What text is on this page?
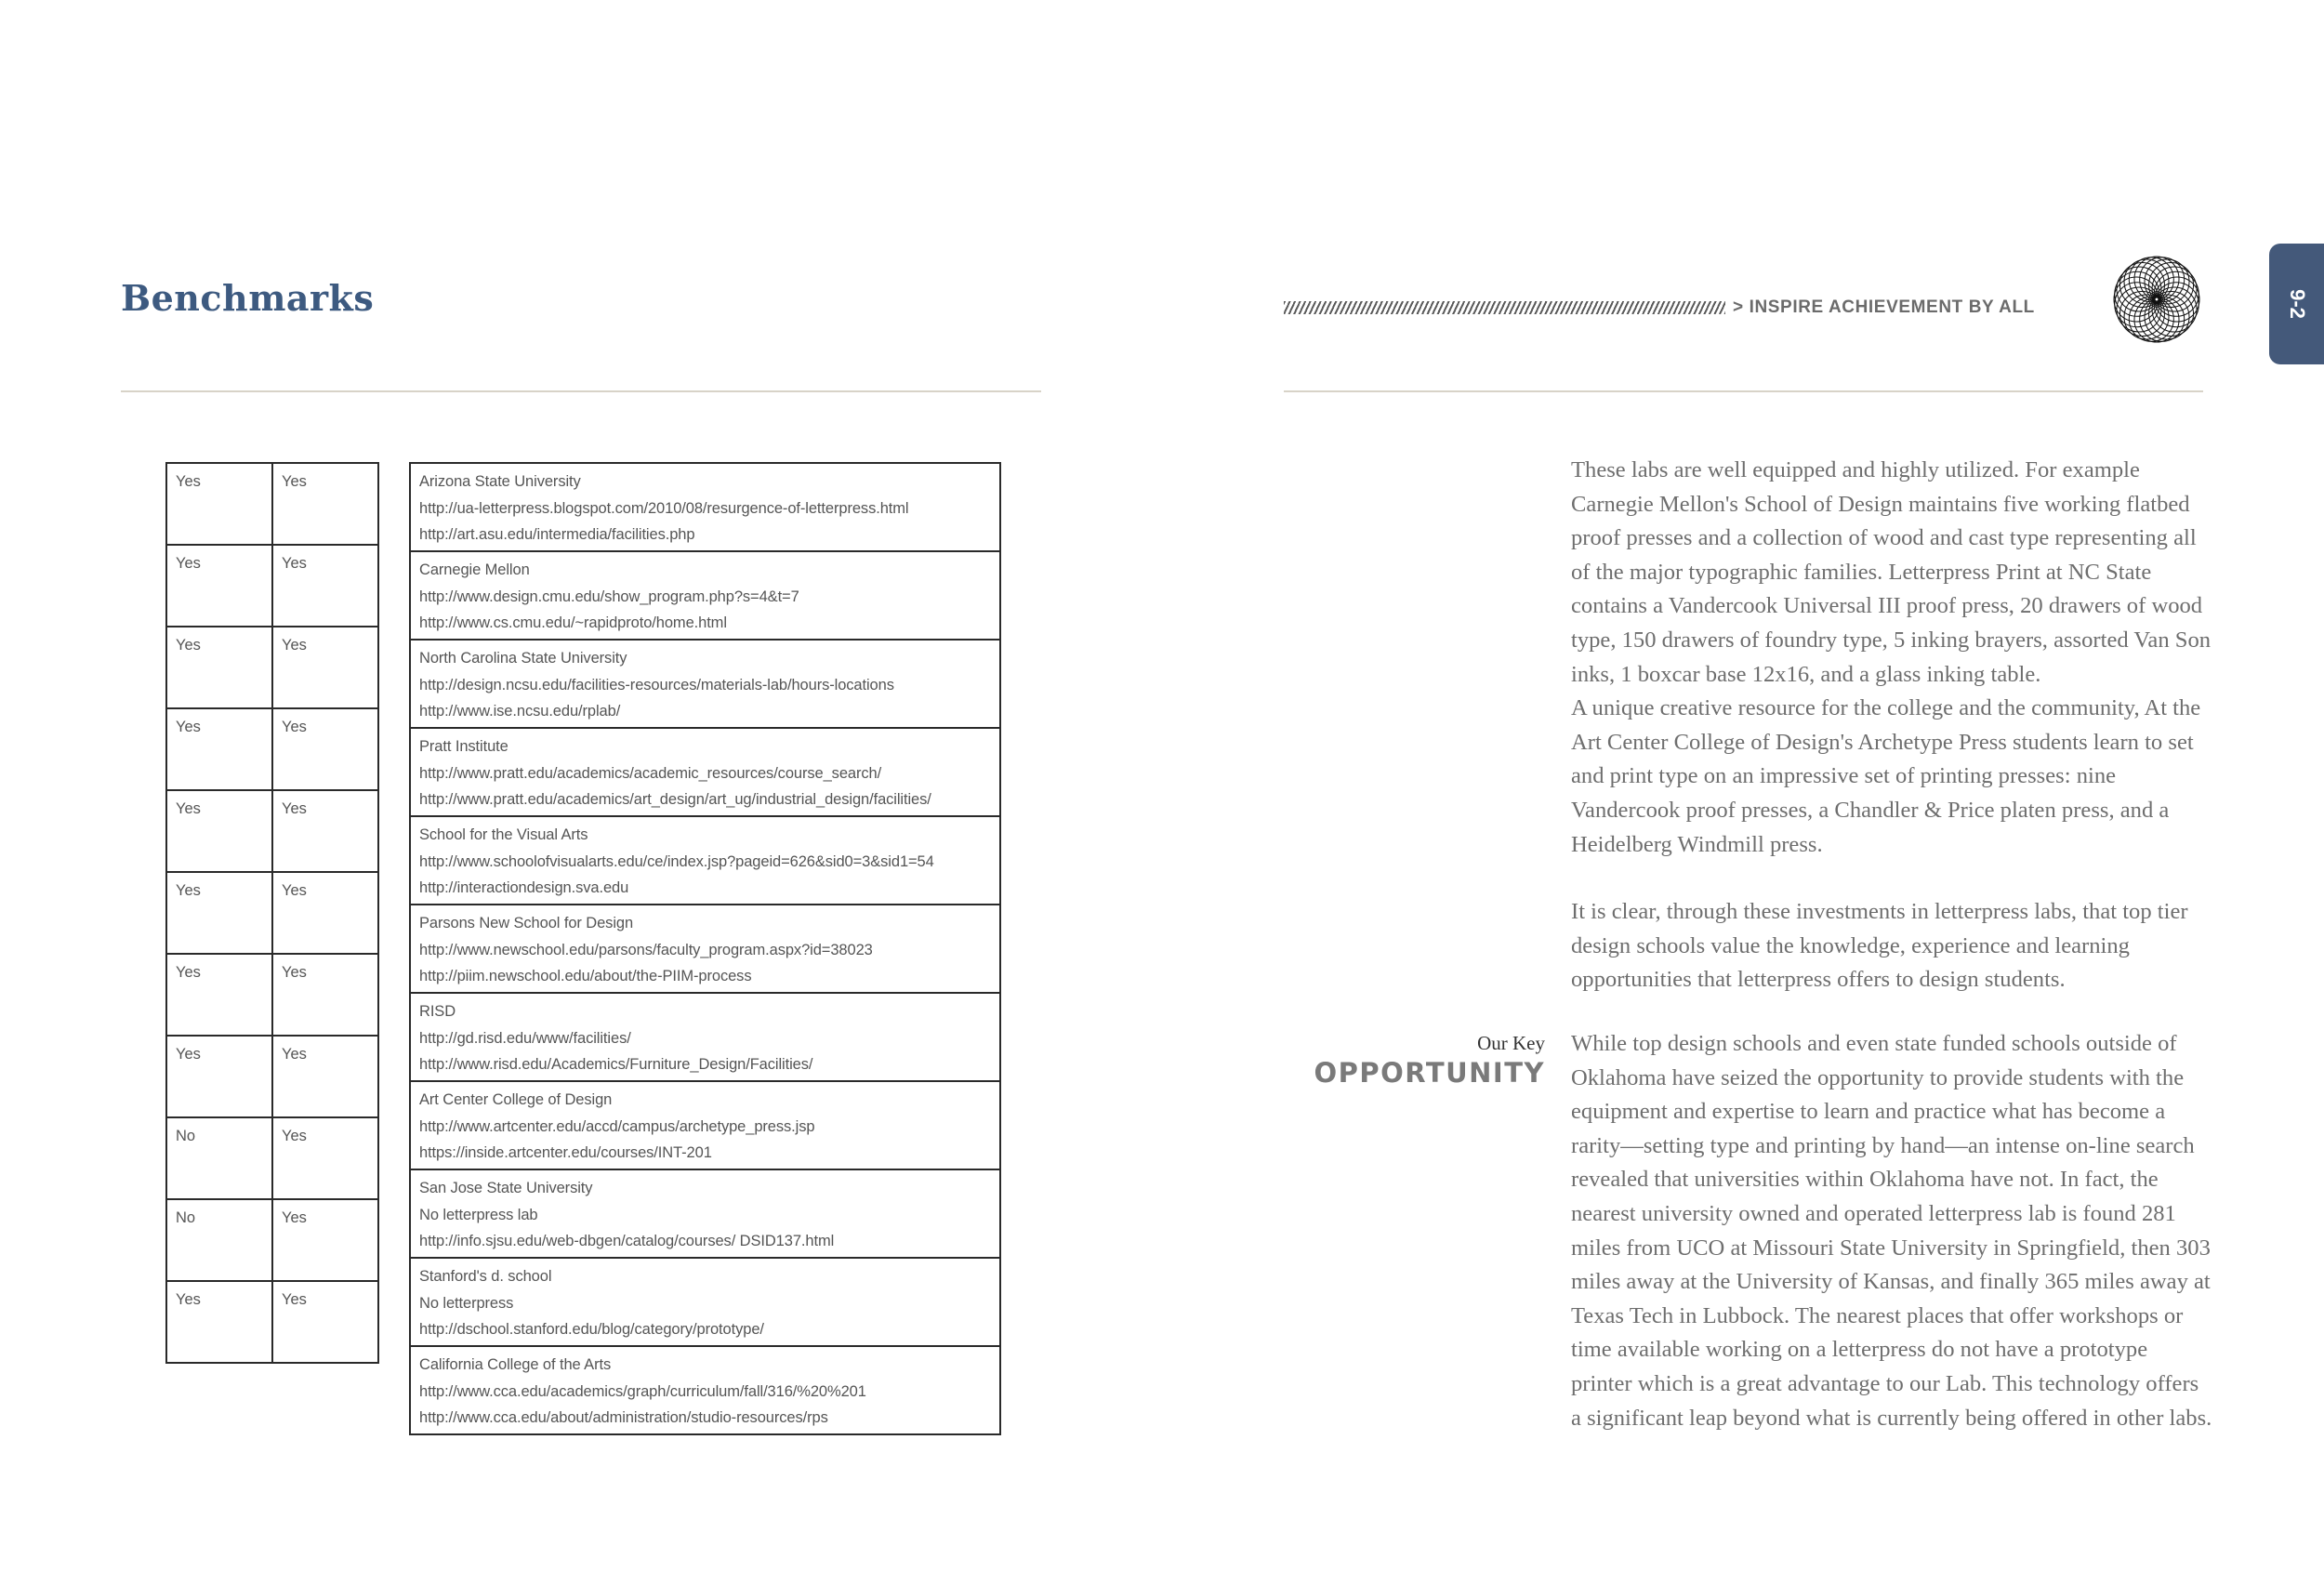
Benchmarks	> INSPIRE ACHIEVEMENT BY ALL	9-2
Yes	Yes
Yes	Yes
Yes	Yes
Yes	Yes
Yes	Yes
Yes	Yes
Yes	Yes
Yes	Yes
No	Yes
No	Yes
Yes	Yes
Arizona State University
http://ua-letterpress.blogspot.com/2010/08/resurgence-of-letterpress.html
http://art.asu.edu/intermedia/facilities.php

Carnegie Mellon
http://www.design.cmu.edu/show_program.php?s=4&t=7
http://www.cs.cmu.edu/~rapidproto/home.html

North Carolina State University
http://design.ncsu.edu/facilities-resources/materials-lab/hours-locations
http://www.ise.ncsu.edu/rplab/

Pratt Institute
http://www.pratt.edu/academics/academic_resources/course_search/
http://www.pratt.edu/academics/art_design/art_ug/industrial_design/facilities/

School for the Visual Arts
http://www.schoolofvisualarts.edu/ce/index.jsp?pageid=626&sid0=3&sid1=54
http://interactiondesign.sva.edu

Parsons New School for Design
http://www.newschool.edu/parsons/faculty_program.aspx?id=38023
http://piim.newschool.edu/about/the-PIIM-process

RISD
http://gd.risd.edu/www/facilities/
http://www.risd.edu/Academics/Furniture_Design/Facilities/

Art Center College of Design
http://www.artcenter.edu/accd/campus/archetype_press.jsp
https://inside.artcenter.edu/courses/INT-201

San Jose State University
No letterpress lab
http://info.sjsu.edu/web-dbgen/catalog/courses/ DSID137.html

Stanford's d. school
No letterpress
http://dschool.stanford.edu/blog/category/prototype/

California College of the Arts
http://www.cca.edu/academics/graph/curriculum/fall/316/%20%201
http://www.cca.edu/about/administration/studio-resources/rps

These labs are well equipped and highly utilized. For example Carnegie Mellon's School of Design maintains five working flatbed proof presses and a collection of wood and cast type representing all of the major typographic families. Letterpress Print at NC State contains a Vandercook Universal III proof press, 20 drawers of wood type, 150 drawers of foundry type, 5 inking brayers, assorted Van Son inks, 1 boxcar base 12x16, and a glass inking table.
A unique creative resource for the college and the community, At the Art Center College of Design's Archetype Press students learn to set and print type on an impressive set of printing presses: nine Vandercook proof presses, a Chandler & Price platen press, and a Heidelberg Windmill press.

It is clear, through these investments in letterpress labs, that top tier design schools value the knowledge, experience and learning opportunities that letterpress offers to design students.

Our Key
OPPORTUNITY

While top design schools and even state funded schools outside of Oklahoma have seized the opportunity to provide students with the equipment and expertise to learn and practice what has become a rarity—setting type and printing by hand—an intense on-line search revealed that universities within Oklahoma have not. In fact, the nearest university owned and operated letterpress lab is found 281 miles from UCO at Missouri State University in Springfield, then 303 miles away at the University of Kansas, and finally 365 miles away at Texas Tech in Lubbock. The nearest places that offer workshops or time available working on a letterpress do not have a prototype printer which is a great advantage to our Lab. This technology offers a significant leap beyond what is currently being offered in other labs.
